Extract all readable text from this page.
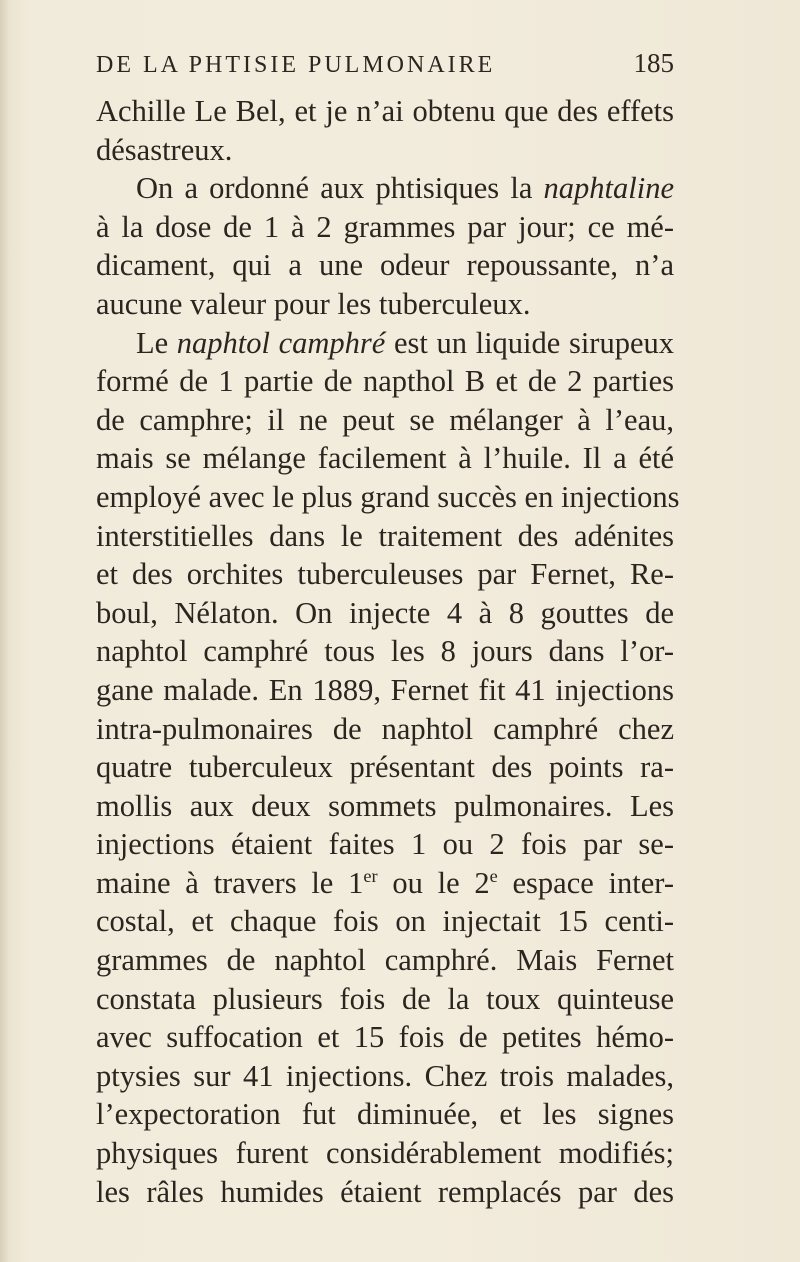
DE LA PHTISIE PULMONAIRE	185
Achille Le Bel, et je n’ai obtenu que des effets
désastreux.
On a ordonné aux phtisiques la naphtaline
à la dose de 1 à 2 grammes par jour; ce mé-
dicament, qui a une odeur repoussante, n’a
aucune valeur pour les tuberculeux.
Le naphtol camphré est un liquide sirupeux
formé de 1 partie de napthol B et de 2 parties
de camphre; il ne peut se mélanger à l’eau,
mais se mélange facilement à l’huile. Il a été
employé avec le plus grand succès en injections
interstitielles dans le traitement des adénites
et des orchites tuberculeuses par Fernet, Re-
boul, Nélaton. On injecte 4 à 8 gouttes de
naphtol camphré tous les 8 jours dans l’or-
gane malade. En 1889, Fernet fit 41 injections
intra-pulmonaires de naphtol camphré chez
quatre tuberculeux présentant des points ra-
mollis aux deux sommets pulmonaires. Les
injections étaient faites 1 ou 2 fois par se-
maine à travers le 1er ou le 2e espace inter-
costal, et chaque fois on injectait 15 centi-
grammes de naphtol camphré. Mais Fernet
constata plusieurs fois de la toux quinteuse
avec suffocation et 15 fois de petites hémo-
ptysies sur 41 injections. Chez trois malades,
l’expectoration fut diminuée, et les signes
physiques furent considérablement modifiés;
les râles humides étaient remplacés par des
